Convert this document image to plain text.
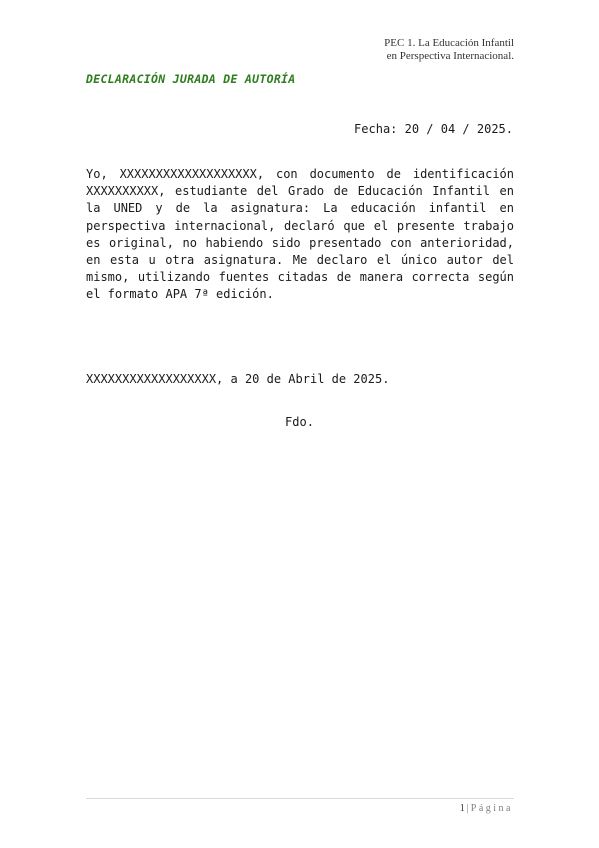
PEC 1. La Educación Infantil
en Perspectiva Internacional.
DECLARACIÓN JURADA DE AUTORÍA
Fecha: 20 / 04 / 2025.

Yo, XXXXXXXXXXXXXXXXXXX, con documento de identificación XXXXXXXXXX, estudiante del Grado de Educación Infantil en la UNED y de la asignatura: La educación infantil en perspectiva internacional, declaró que el presente trabajo es original, no habiendo sido presentado con anterioridad, en esta u otra asignatura. Me declaro el único autor del mismo, utilizando fuentes citadas de manera correcta según el formato APA 7ª edición.

XXXXXXXXXXXXXXXXXX, a 20 de Abril de 2025.
Fdo.
1 | Página
